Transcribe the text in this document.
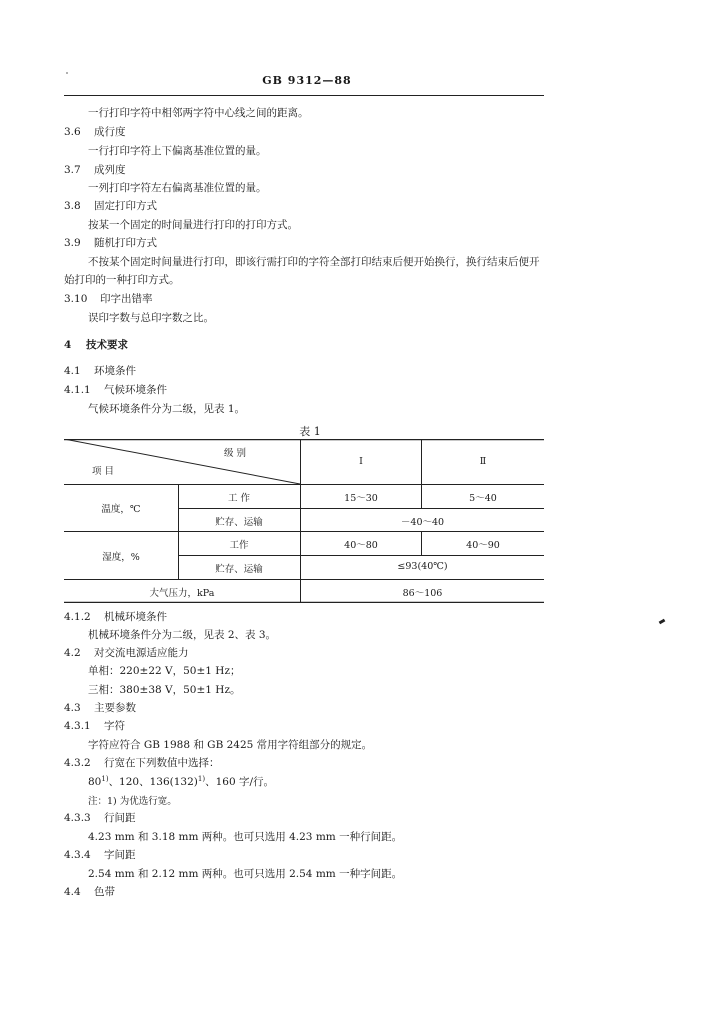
GB 9312—88
一行打印字符中相邻两字符中心线之间的距离。
3.6 成行度
一行打印字符上下偏离基准位置的量。
3.7 成列度
一列打印字符左右偏离基准位置的量。
3.8 固定打印方式
按某一个固定的时间量进行打印的打印方式。
3.9 随机打印方式
不按某个固定时间量进行打印，即该行需打印的字符全部打印结束后便开始换行，换行结束后便开
始打印的一种打印方式。
3.10 印字出错率
误印字数与总印字数之比。
4 技术要求
4.1 环境条件
4.1.1 气候环境条件
气候环境条件分为二级，见表 1。
表 1
级 别
项 目
Ⅰ	Ⅱ
温度，℃
工 作	15～30	5～40
贮存、运输	－40～40
湿度，%
工作	40～80	40～90
贮存、运输	≤93(40℃)
大气压力，kPa	86～106
4.1.2 机械环境条件
机械环境条件分为二级，见表 2、表 3。
4.2 对交流电源适应能力
单相：220±22 V，50±1 Hz；
三相：380±38 V，50±1 Hz。
4.3 主要参数
4.3.1 字符
字符应符合 GB 1988 和 GB 2425 常用字符组部分的规定。
4.3.2 行宽在下列数值中选择：
80$^{1)}$、120、$136(132)^{1)}$、160 字/行。
注：1) 为优选行宽。
4.3.3 行间距
4.23 mm 和 3.18 mm 两种。也可只选用 4.23 mm 一种行间距。
4.3.4 字间距
2.54 mm 和 2.12 mm 两种。也可只选用 2.54 mm 一种字间距。
4.4 色带
